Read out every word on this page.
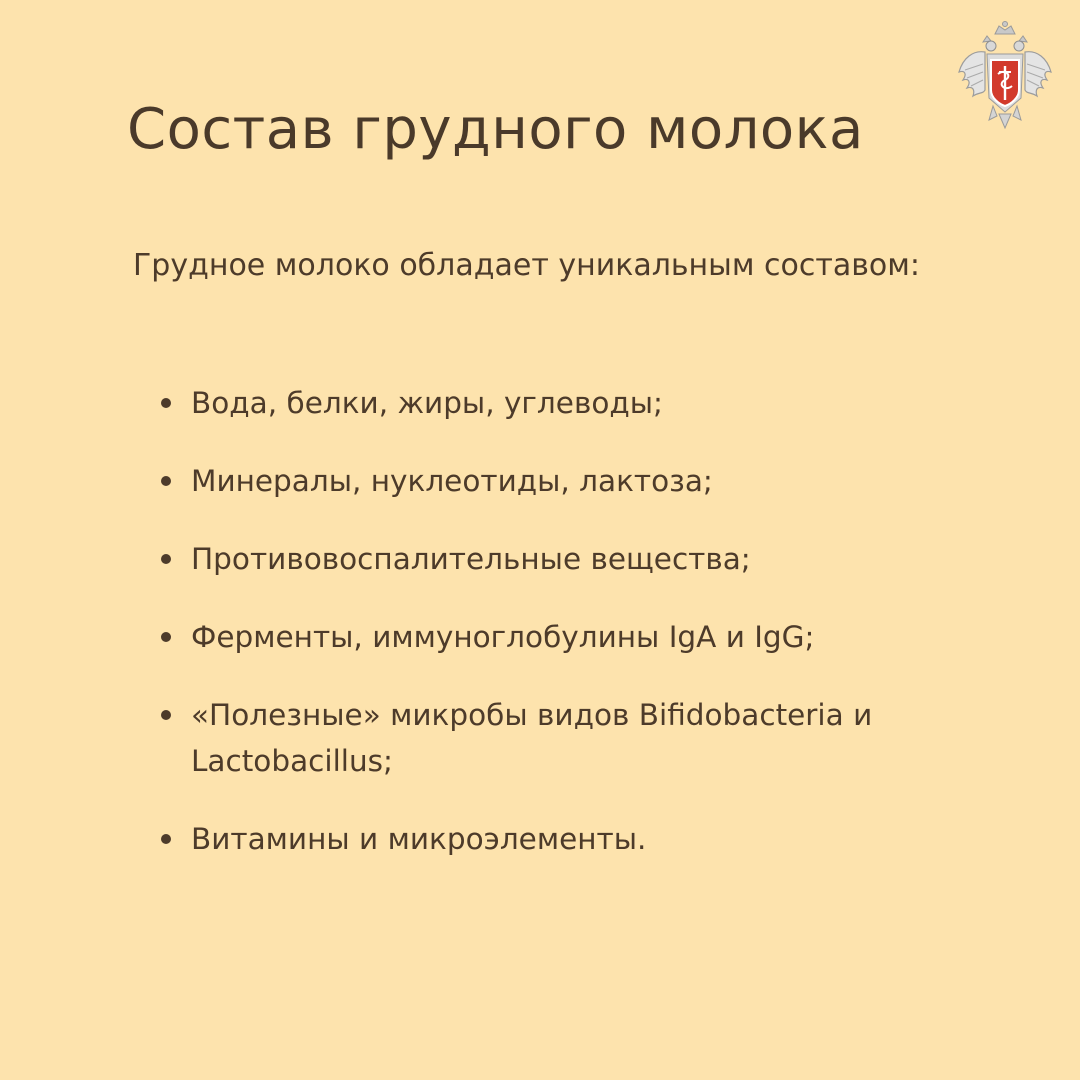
Состав грудного молока

Грудное молоко обладает уникальным составом:

Вода, белки, жиры, углеводы;
Минералы, нуклеотиды, лактоза;
Противовоспалительные вещества;
Ферменты, иммуноглобулины IgA и IgG;
«Полезные» микробы видов Bifidobacteria и Lactobacillus;
Витамины и микроэлементы.
